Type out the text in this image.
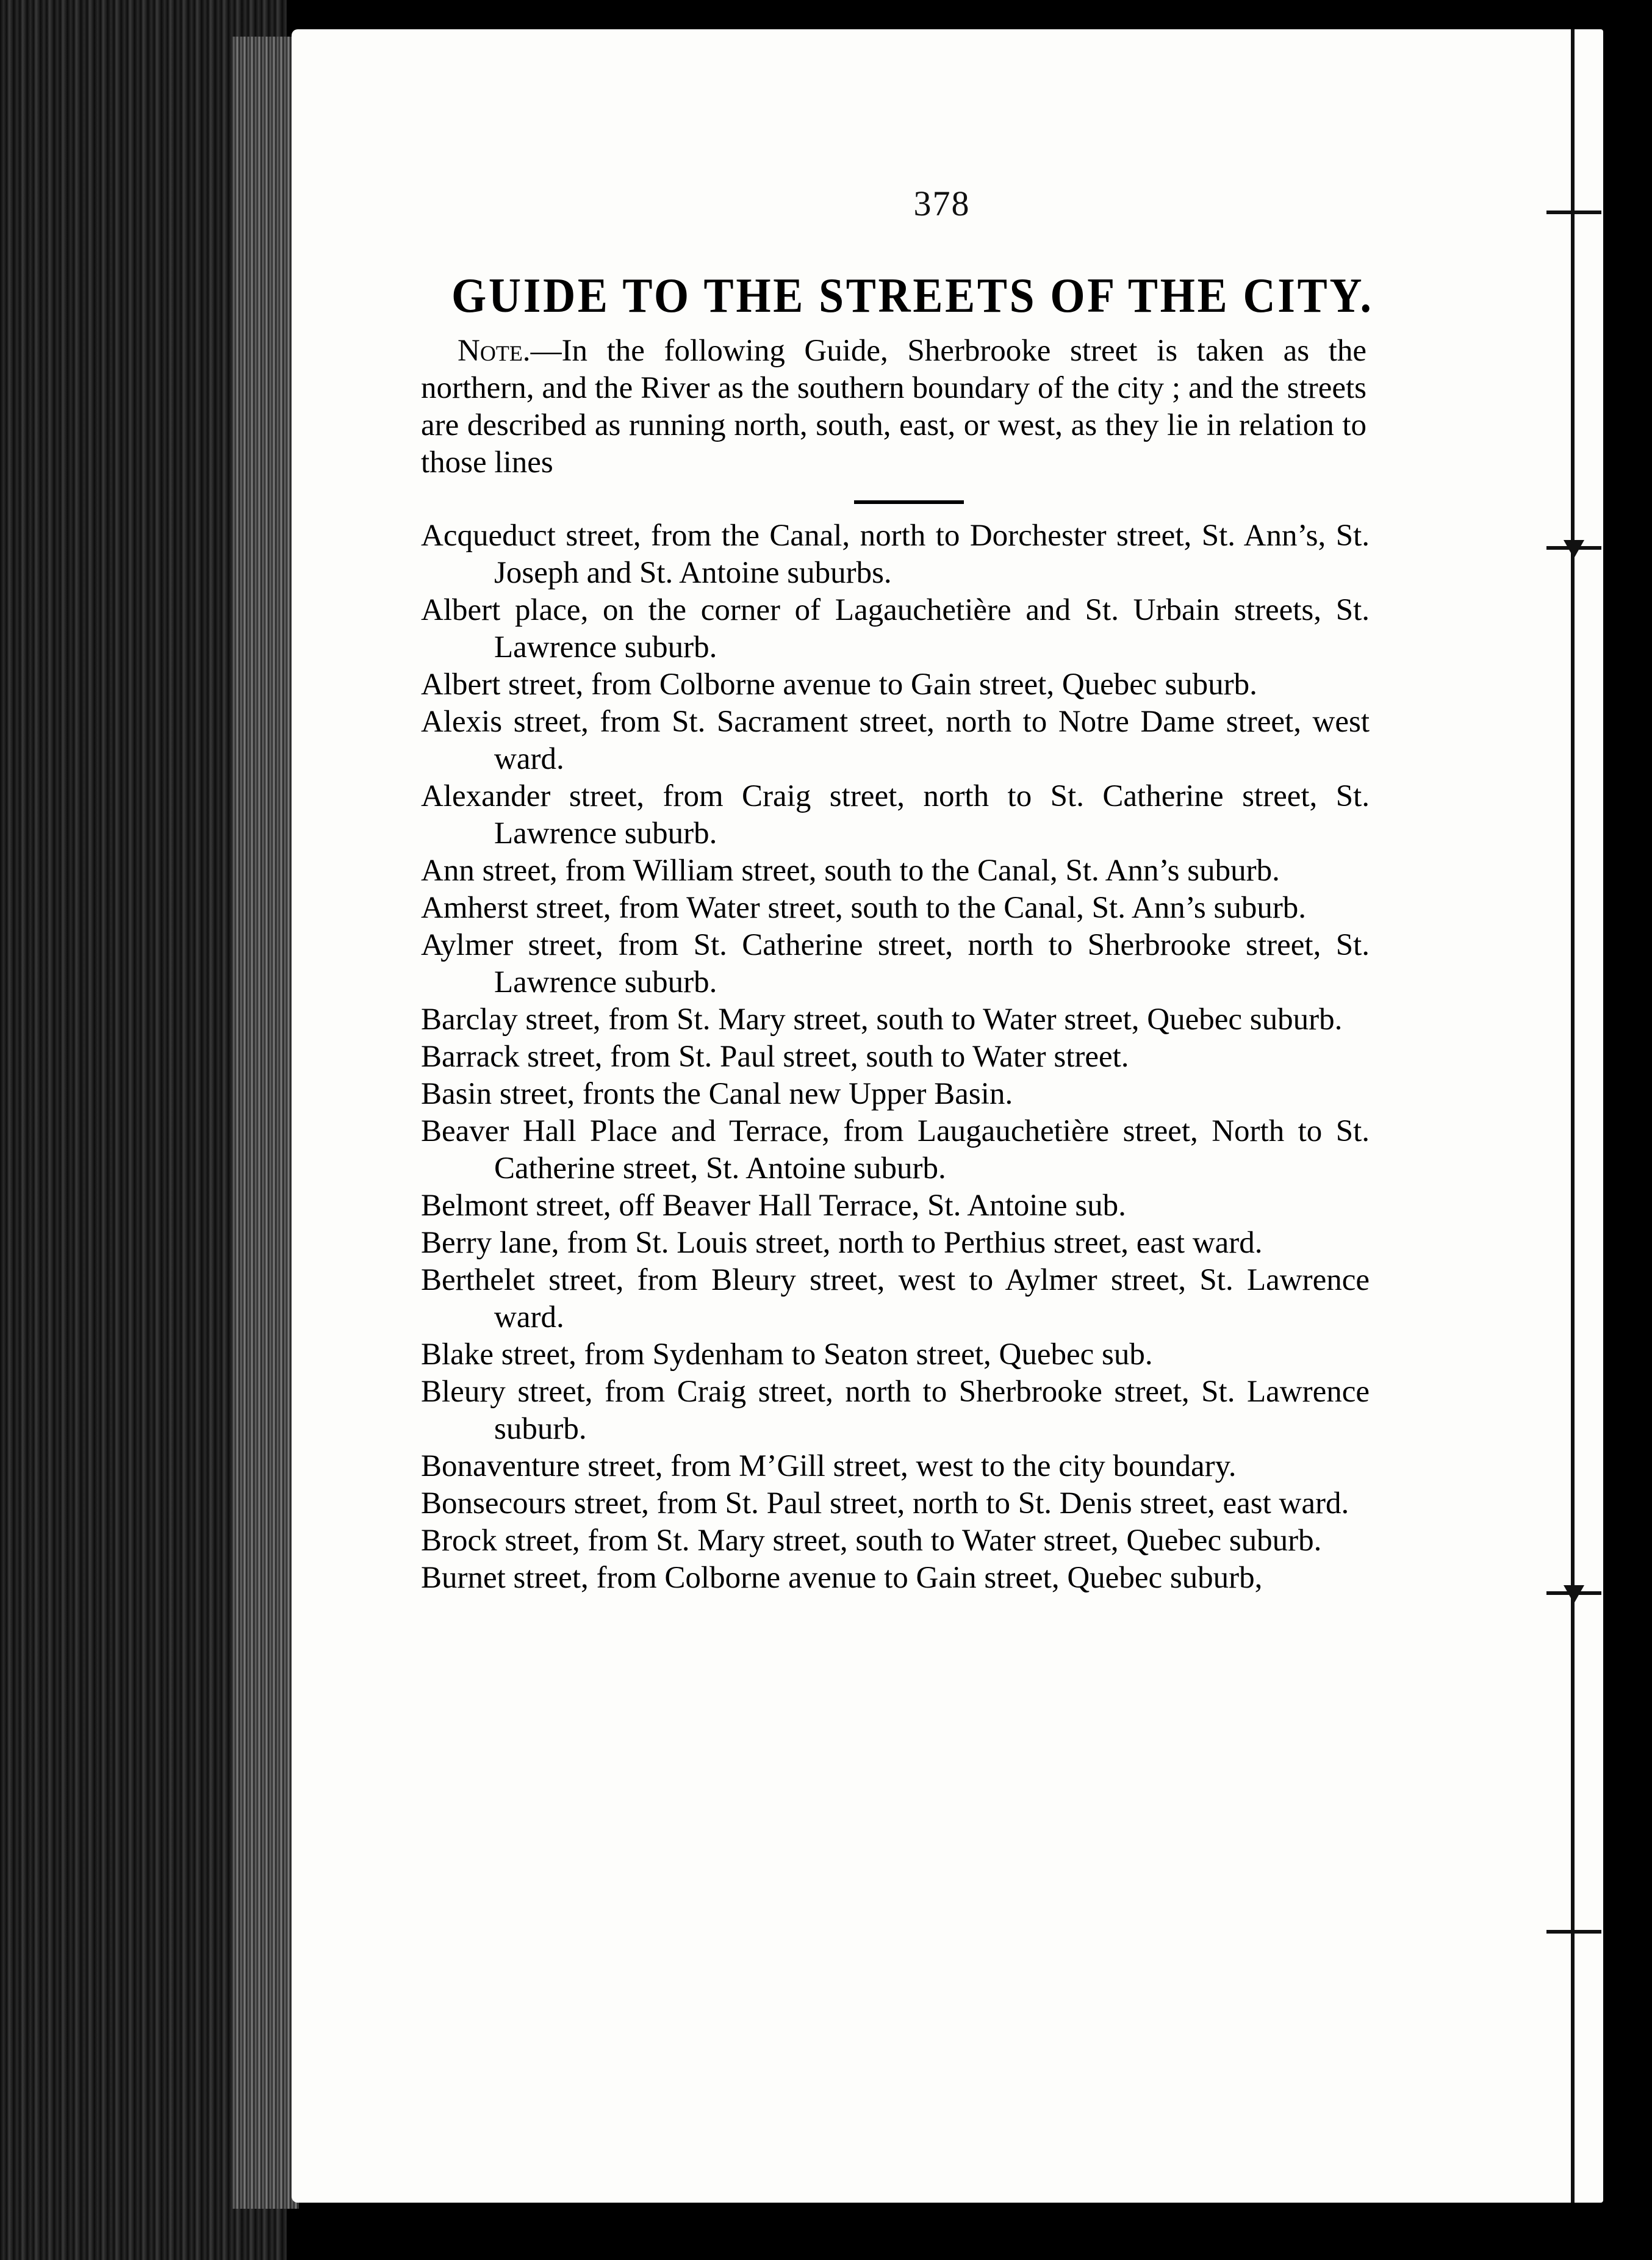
378
GUIDE TO THE STREETS OF THE CITY.

Note.—In the following Guide, Sherbrooke street is taken as the northern, and the River as the southern boundary of the city ; and the streets are described as running north, south, east, or west, as they lie in relation to those lines

Acqueduct street, from the Canal, north to Dorchester street, St. Ann’s, St. Joseph and St. Antoine suburbs.
Albert place, on the corner of Lagauchetière and St. Urbain streets, St. Lawrence suburb.
Albert street, from Colborne avenue to Gain street, Quebec suburb.
Alexis street, from St. Sacrament street, north to Notre Dame street, west ward.
Alexander street, from Craig street, north to St. Catherine street, St. Lawrence suburb.
Ann street, from William street, south to the Canal, St. Ann’s suburb.
Amherst street, from Water street, south to the Canal, St. Ann’s suburb.
Aylmer street, from St. Catherine street, north to Sherbrooke street, St. Lawrence suburb.
Barclay street, from St. Mary street, south to Water street, Quebec suburb.
Barrack street, from St. Paul street, south to Water street.
Basin street, fronts the Canal new Upper Basin.
Beaver Hall Place and Terrace, from Laugauchetière street, North to St. Catherine street, St. Antoine suburb.
Belmont street, off Beaver Hall Terrace, St. Antoine sub.
Berry lane, from St. Louis street, north to Perthius street, east ward.
Berthelet street, from Bleury street, west to Aylmer street, St. Lawrence ward.
Blake street, from Sydenham to Seaton street, Quebec sub.
Bleury street, from Craig street, north to Sherbrooke street, St. Lawrence suburb.
Bonaventure street, from M’Gill street, west to the city boundary.
Bonsecours street, from St. Paul street, north to St. Denis street, east ward.
Brock street, from St. Mary street, south to Water street, Quebec suburb.
Burnet street, from Colborne avenue to Gain street, Quebec suburb,
